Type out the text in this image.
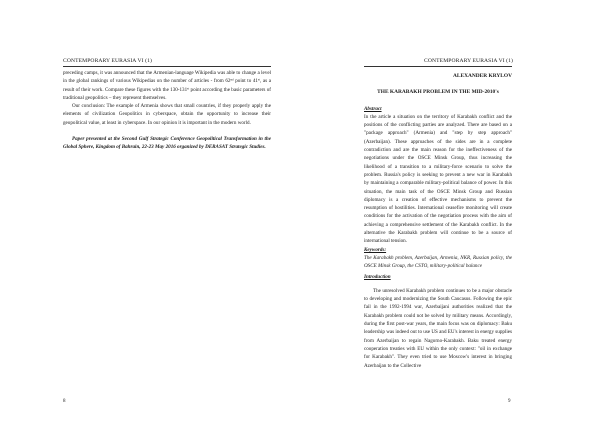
CONTEMPORARY EURASIA VI (1)

preceding camps, it was announced that the Armenian-language Wikipedia was able to change a level in the global rankings of various Wikipedias on the number of articles - from 62ⁿᵈ point to 41ˢᵗ, as a result of their work. Compare these figures with the 130-131ˢᵗ point according the basic parameters of traditional geopolitics – they represent themselves.

Our conclusion: The example of Armenia shows that small countries, if they properly apply the elements of civilization Geopolitics in cyberspace, obtain the opportunity to increase their geopolitical value, at least in cyberspace. In our opinion it is important in the modern world.

Paper presented at the Second Gulf Strategic Conference Geopolitical Transformation in the Global Sphere, Kingdom of Bahrain, 22-23 May 2016 organized by DERASAT Strategic Studies.

8
CONTEMPORARY EURASIA VI (1)

ALEXANDER KRYLOV

THE KARABAKH PROBLEM IN THE MID-2010's

Abstract

In the article a situation on the territory of Karabakh conflict and the positions of the conflicting parties are analyzed. There are based on a "package approach" (Armenia) and "step by step approach" (Azerbaijan). These approaches of the sides are in a complete contradiction and are the main reason for the ineffectiveness of the negotiations under the OSCE Minsk Group, thus increasing the likelihood of a transition to a military-force scenario to solve the problem. Russia's policy is seeking to prevent a new war in Karabakh by maintaining a comparable military-political balance of power. In this situation, the main task of the OSCE Minsk Group and Russian diplomacy is a creation of effective mechanisms to prevent the resumption of hostilities. International ceasefire monitoring will create conditions for the activation of the negotiation process with the aim of achieving a comprehensive settlement of the Karabakh conflict. In the alternative the Karabakh problem will continue to be a source of international tension.

Keywords:

The Karabakh problem, Azerbaijan, Armenia, NKR, Russian policy, the OSCE Minsk Group, the CSTO, military-political balance

Introduction

The unresolved Karabakh problem continues to be a major obstacle to developing and modernizing the South Caucasus. Following the epic fail in the 1992-1994 war, Azerbaijani authorities realized that the Karabakh problem could not be solved by military means. Accordingly, during the first post-war years, the main focus was on diplomacy: Baku leadership was indeed out to use US and EU's interest in energy supplies from Azerbaijan to regain Nagorno-Karabakh. Baku treated energy cooperation treaties with EU within the only context: "oil in exchange for Karabakh". They even tried to use Moscow's interest in bringing Azerbaijan to the Collective

9
